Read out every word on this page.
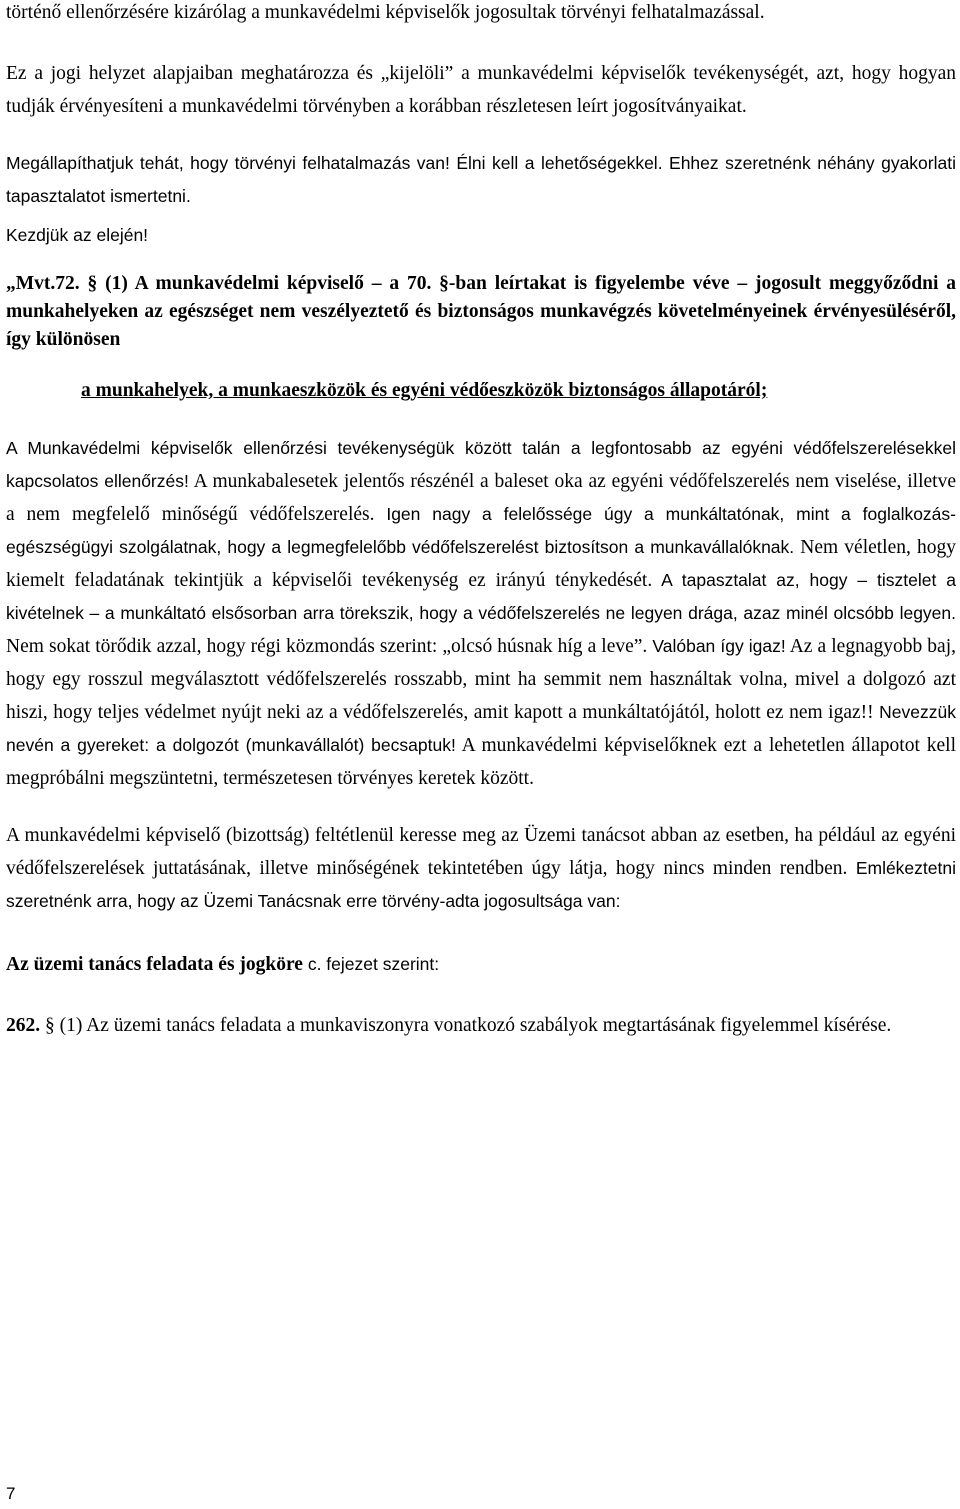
történő ellenőrzésére kizárólag a munkavédelmi képviselők jogosultak törvényi felhatalmazással.

Ez a jogi helyzet alapjaiban meghatározza és „kijelöli” a munkavédelmi képviselők tevékenységét, azt, hogy hogyan tudják érvényesíteni a munkavédelmi törvényben a korábban részletesen leírt jogosítványaikat.

Megállapíthatjuk tehát, hogy törvényi felhatalmazás van! Élni kell a lehetőségekkel. Ehhez szeretnénk néhány gyakorlati tapasztalatot ismertetni.

Kezdjük az elején!

„Mvt.72. § (1) A munkavédelmi képviselő – a 70. §-ban leírtakat is figyelembe véve – jogosult meggyőződni a munkahelyeken az egészséget nem veszélyeztető és biztonságos munkavégzés követelményeinek érvényesüléséről, így különösen

a munkahelyek, a munkaeszközök és egyéni védőeszközök biztonságos állapotáról;

A Munkavédelmi képviselők ellenőrzési tevékenységük között talán a legfontosabb az egyéni védőfelszerelésekkel kapcsolatos ellenőrzés! A munkabalesetek jelentős részénél a baleset oka az egyéni védőfelszerelés nem viselése, illetve a nem megfelelő minőségű védőfelszerelés. Igen nagy a felelőssége úgy a munkáltatónak, mint a foglalkozás-egészségügyi szolgálatnak, hogy a legmegfelelőbb védőfelszerelést biztosítson a munkavállalóknak. Nem véletlen, hogy kiemelt feladatának tekintjük a képviselői tevékenység ez irányú ténykedését. A tapasztalat az, hogy – tisztelet a kivételnek – a munkáltató elsősorban arra törekszik, hogy a védőfelszerelés ne legyen drága, azaz minél olcsóbb legyen. Nem sokat törődik azzal, hogy régi közmondás szerint: „olcsó húsnak híg a leve”. Valóban így igaz! Az a legnagyobb baj, hogy egy rosszul megválasztott védőfelszerelés rosszabb, mint ha semmit nem használtak volna, mivel a dolgozó azt hiszi, hogy teljes védelmet nyújt neki az a védőfelszerelés, amit kapott a munkáltatójától, holott ez nem igaz!! Nevezzük nevén a gyereket: a dolgozót (munkavállalót) becsaptuk! A munkavédelmi képviselőknek ezt a lehetetlen állapotot kell megpróbálni megszüntetni, természetesen törvényes keretek között.

A munkavédelmi képviselő (bizottság) feltétlenül keresse meg az Üzemi tanácsot abban az esetben, ha például az egyéni védőfelszerelések juttatásának, illetve minőségének tekintetében úgy látja, hogy nincs minden rendben. Emlékeztetni szeretnénk arra, hogy az Üzemi Tanácsnak erre törvény-adta jogosultsága van:

Az üzemi tanács feladata és jogköre c. fejezet szerint:

262. § (1) Az üzemi tanács feladata a munkaviszonyra vonatkozó szabályok megtartásának figyelemmel kísérése.

7
